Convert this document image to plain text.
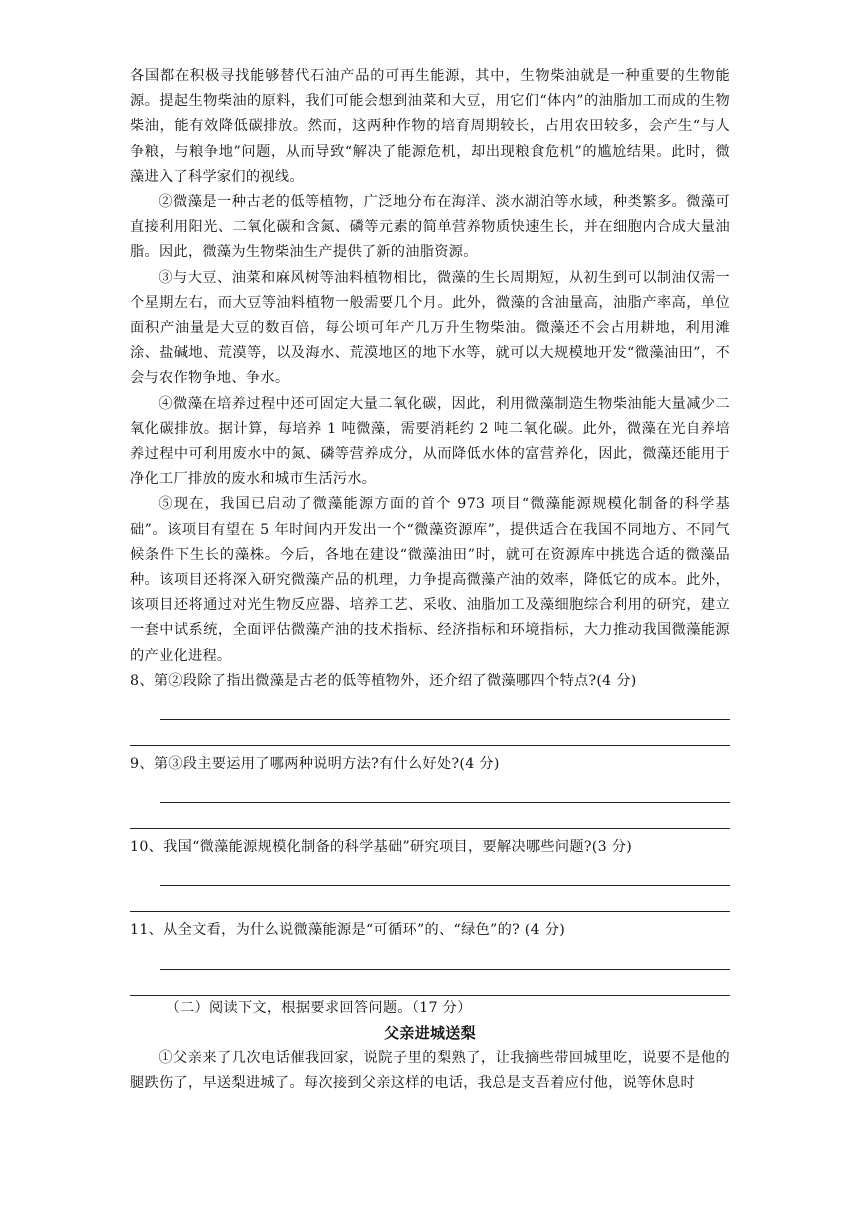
各国都在积极寻找能够替代石油产品的可再生能源，其中，生物柴油就是一种重要的生物能源。提起生物柴油的原料，我们可能会想到油菜和大豆，用它们“体内”的油脂加工而成的生物柴油，能有效降低碳排放。然而，这两种作物的培育周期较长，占用农田较多，会产生“与人争粮，与粮争地”问题，从而导致“解决了能源危机，却出现粮食危机”的尴尬结果。此时，微藻进入了科学家们的视线。

②微藻是一种古老的低等植物，广泛地分布在海洋、淡水湖泊等水域，种类繁多。微藻可直接利用阳光、二氧化碳和含氮、磷等元素的简单营养物质快速生长，并在细胞内合成大量油脂。因此，微藻为生物柴油生产提供了新的油脂资源。

③与大豆、油菜和麻风树等油料植物相比，微藻的生长周期短，从初生到可以制油仅需一个星期左右，而大豆等油料植物一般需要几个月。此外，微藻的含油量高，油脂产率高，单位面积产油量是大豆的数百倍，每公顷可年产几万升生物柴油。微藻还不会占用耕地，利用滩涂、盐碱地、荒漠等，以及海水、荒漠地区的地下水等，就可以大规模地开发“微藻油田”，不会与农作物争地、争水。

④微藻在培养过程中还可固定大量二氧化碳，因此，利用微藻制造生物柴油能大量减少二氧化碳排放。据计算，每培养 1 吨微藻，需要消耗约 2 吨二氧化碳。此外，微藻在光自养培养过程中可利用废水中的氮、磷等营养成分，从而降低水体的富营养化，因此，微藻还能用于净化工厂排放的废水和城市生活污水。

⑤现在，我国已启动了微藻能源方面的首个 973 项目“微藻能源规模化制备的科学基础”。该项目有望在 5 年时间内开发出一个“微藻资源库”，提供适合在我国不同地方、不同气候条件下生长的藻株。今后，各地在建设“微藻油田”时，就可在资源库中挑选合适的微藻品种。该项目还将深入研究微藻产品的机理，力争提高微藻产油的效率，降低它的成本。此外，该项目还将通过对光生物反应器、培养工艺、采收、油脂加工及藻细胞综合利用的研究，建立一套中试系统，全面评估微藻产油的技术指标、经济指标和环境指标，大力推动我国微藻能源的产业化进程。

8、第②段除了指出微藻是古老的低等植物外，还介绍了微藻哪四个特点?(4 分)

9、第③段主要运用了哪两种说明方法?有什么好处?(4 分)

10、我国“微藻能源规模化制备的科学基础”研究项目，要解决哪些问题?(3 分)

11、从全文看，为什么说微藻能源是“可循环”的、“绿色”的? (4 分)

（二）阅读下文，根据要求回答问题。（17 分）

父亲进城送梨

①父亲来了几次电话催我回家，说院子里的梨熟了，让我摘些带回城里吃，说要不是他的腿跌伤了，早送梨进城了。每次接到父亲这样的电话，我总是支吾着应付他，说等休息时
